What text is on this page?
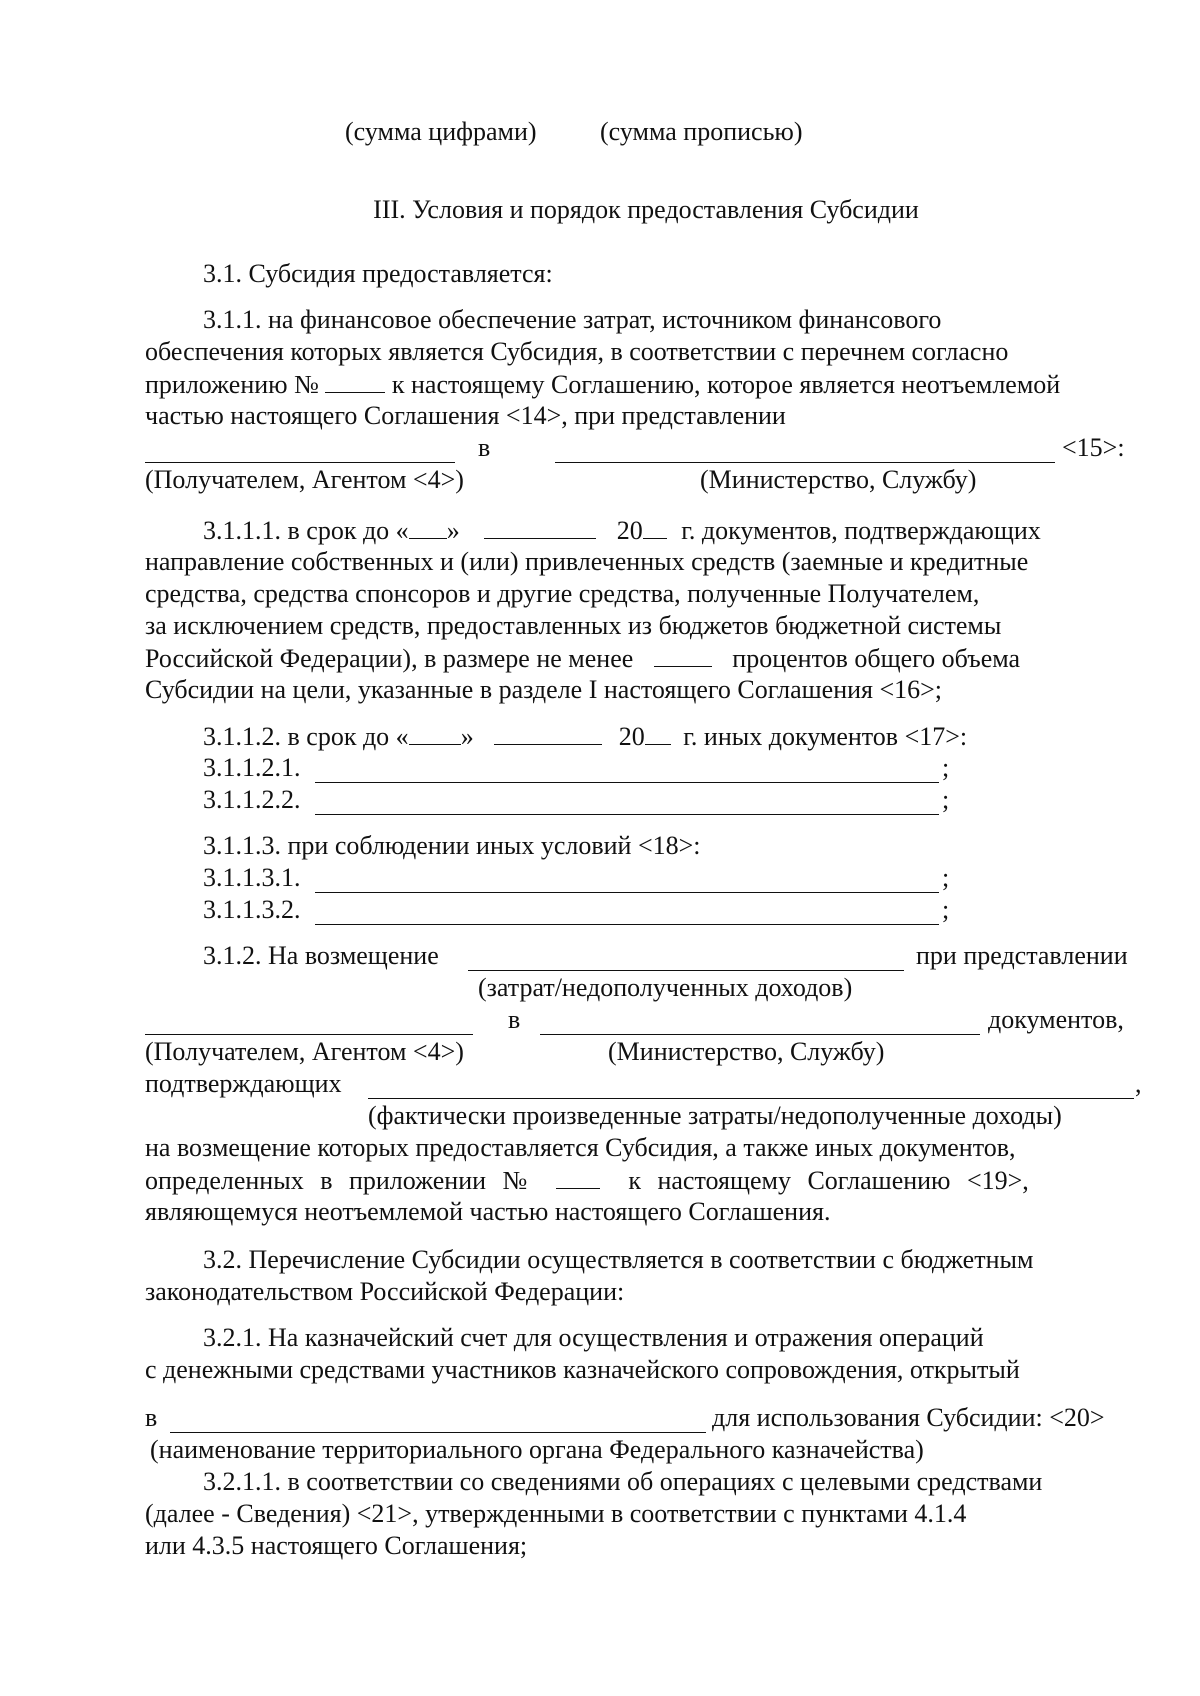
(сумма цифрами) (сумма прописью)
III. Условия и порядок предоставления Субсидии
3.1. Субсидия предоставляется:
3.1.1. на финансовое обеспечение затрат, источником финансового
обеспечения которых является Субсидия, в соответствии с перечнем согласно
приложению №	к настоящему Соглашению, которое является неотъемлемой
частью настоящего Соглашения <14>, при представлении
в	<15>:
(Получателем, Агентом <4>)	(Министерство, Службу)
3.1.1.1. в срок до « »	20 г. документов, подтверждающих
направление собственных и (или) привлеченных средств (заемные и кредитные
средства, средства спонсоров и другие средства, полученные Получателем,
за исключением средств, предоставленных из бюджетов бюджетной системы
Российской Федерации), в размере не менее	процентов общего объема
Субсидии на цели, указанные в разделе I настоящего Соглашения <16>;
3.1.1.2. в срок до « »	20 г. иных документов <17>:
3.1.1.2.1.	;
3.1.1.2.2.	;
3.1.1.3. при соблюдении иных условий <18>:
3.1.1.3.1.	;
3.1.1.3.2.	;
3.1.2. На возмещение	при представлении
(затрат/недополученных доходов)
в	документов,
(Получателем, Агентом <4>)	(Министерство, Службу)
подтверждающих	,
(фактически произведенные затраты/недополученные доходы)
на возмещение которых предоставляется Субсидия, а также иных документов,
определенных в приложении №	к настоящему Соглашению <19>,
являющемуся неотъемлемой частью настоящего Соглашения.
3.2. Перечисление Субсидии осуществляется в соответствии с бюджетным
законодательством Российской Федерации:
3.2.1. На казначейский счет для осуществления и отражения операций
с денежными средствами участников казначейского сопровождения, открытый
в	для использования Субсидии: <20>
(наименование территориального органа Федерального казначейства)
3.2.1.1. в соответствии со сведениями об операциях с целевыми средствами
(далее - Сведения) <21>, утвержденными в соответствии с пунктами 4.1.4
или 4.3.5 настоящего Соглашения;
